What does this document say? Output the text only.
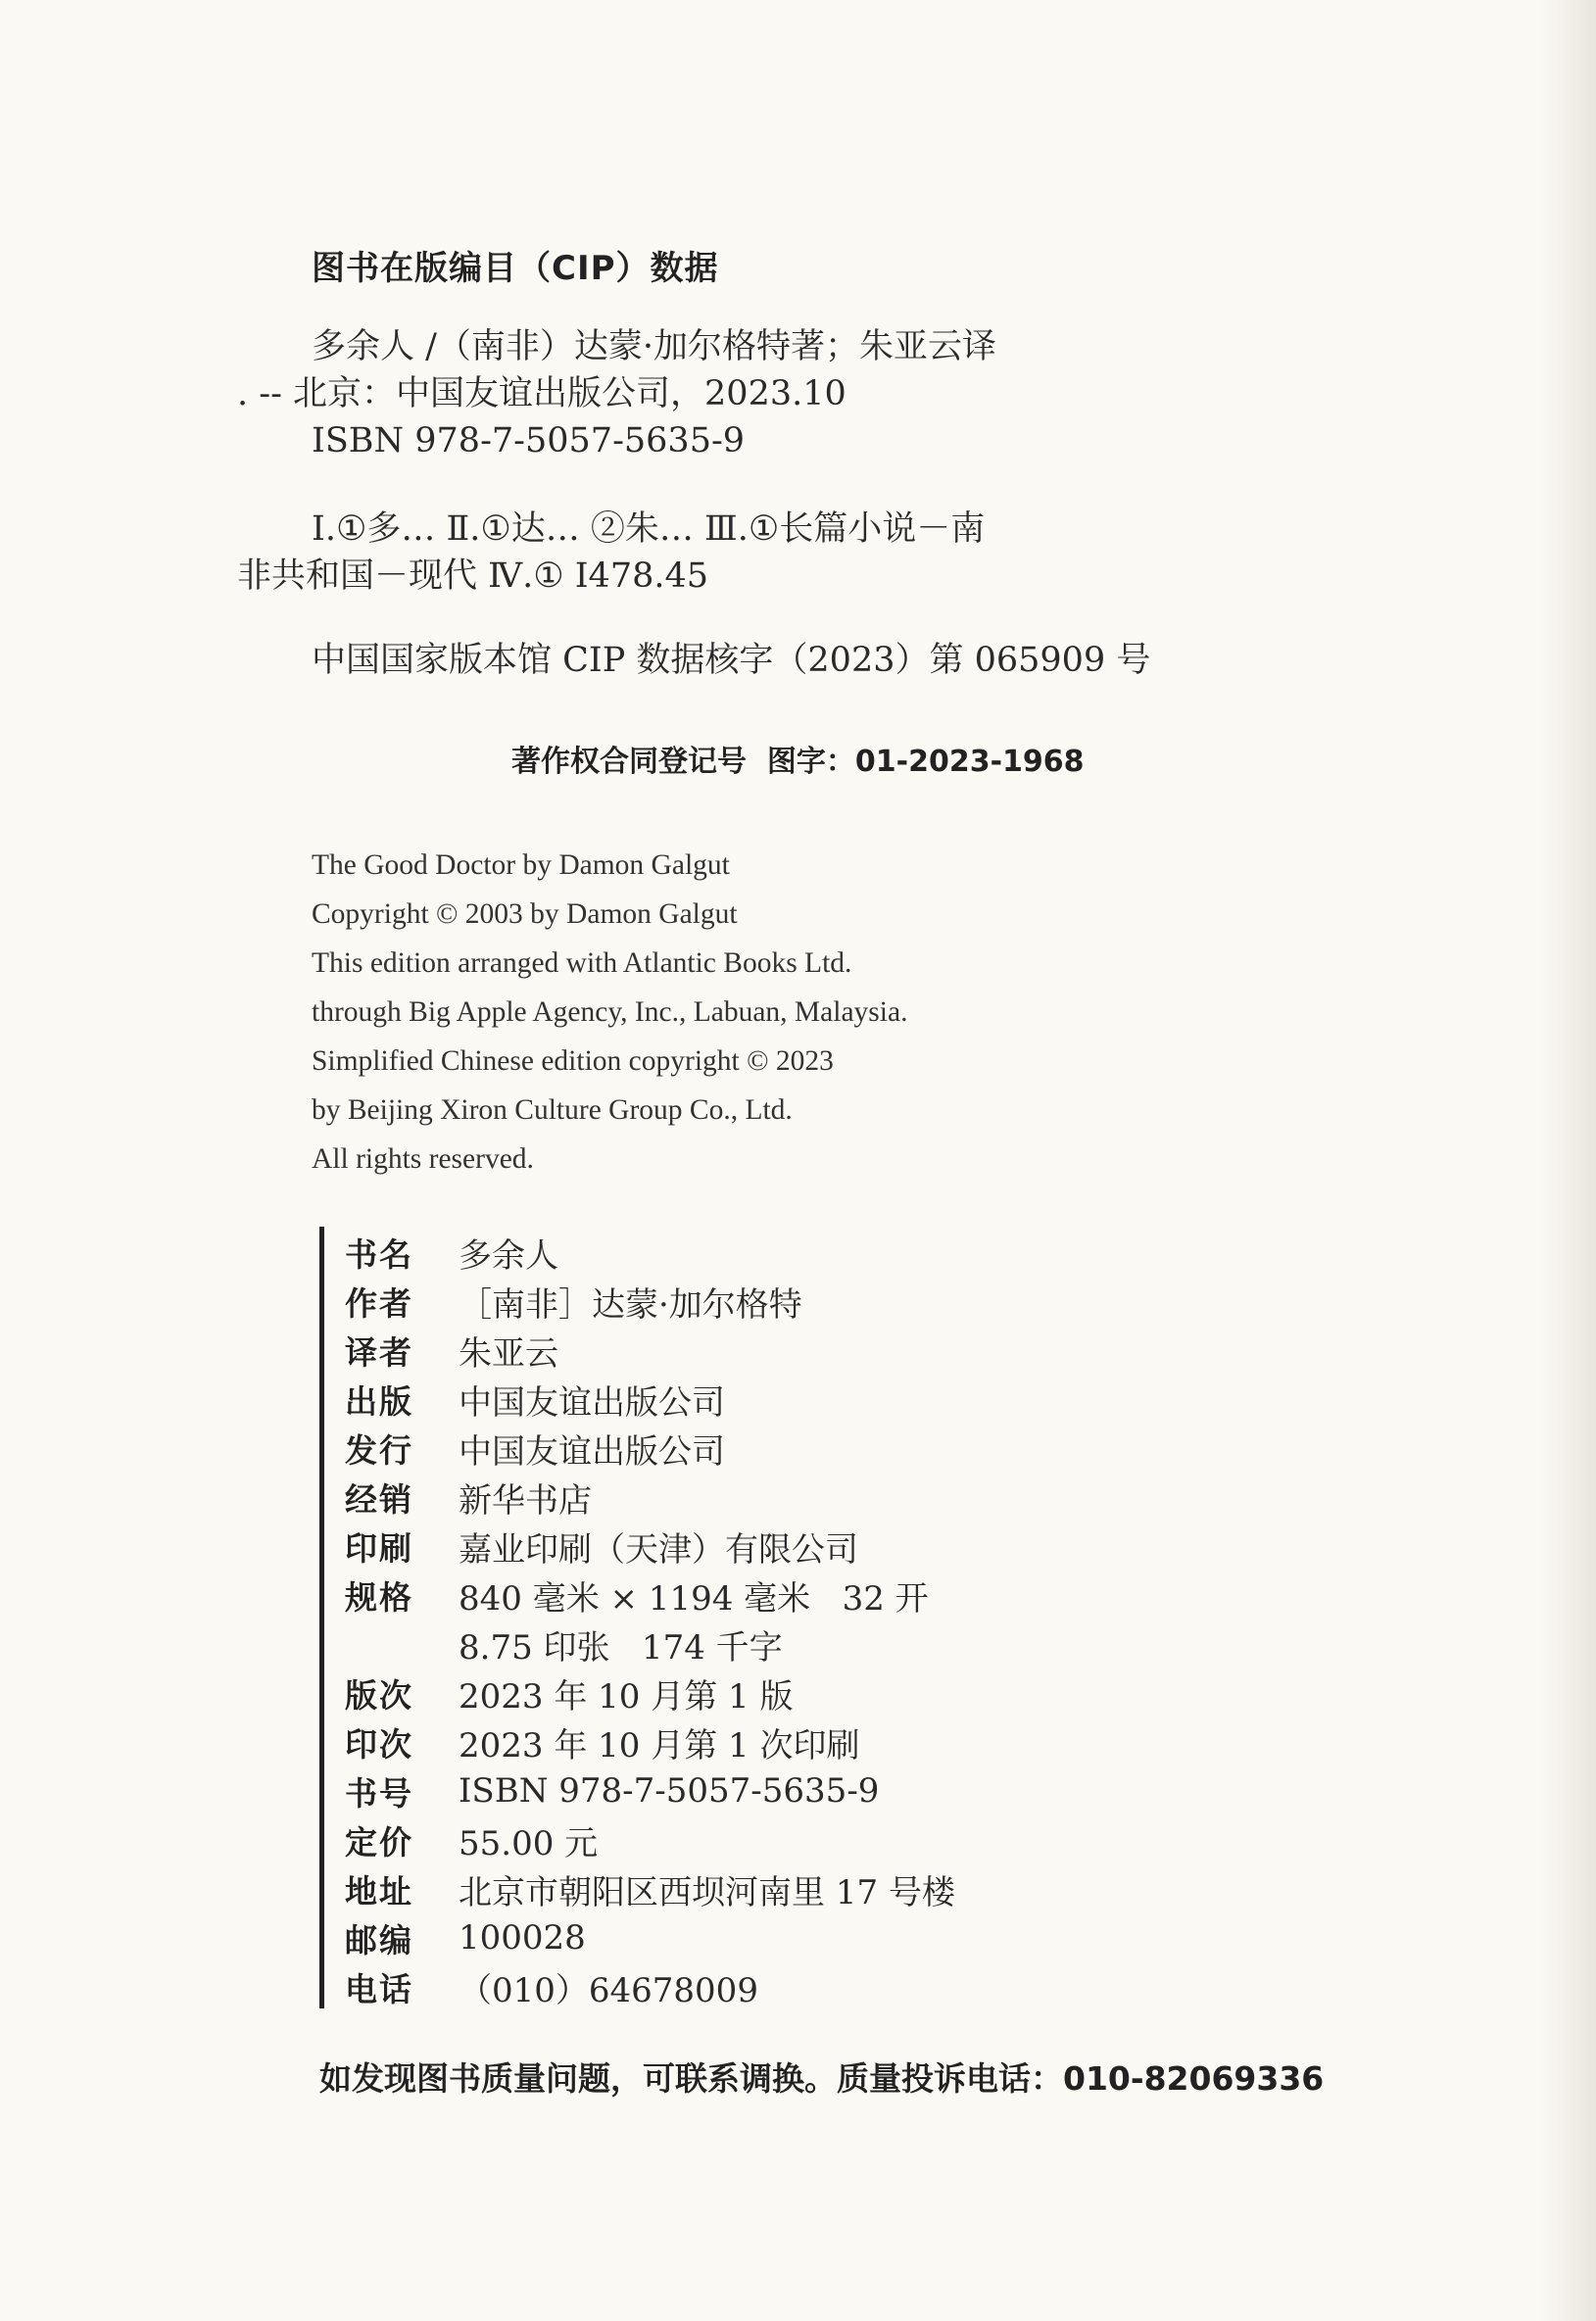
图书在版编目（CIP）数据
多余人 /（南非）达蒙·加尔格特著；朱亚云译
. -- 北京：中国友谊出版公司，2023.10
ISBN 978-7-5057-5635-9
Ⅰ.①多… Ⅱ.①达… ②朱… Ⅲ.①长篇小说－南
非共和国－现代 Ⅳ.① I478.45
中国国家版本馆 CIP 数据核字（2023）第 065909 号
著作权合同登记号  图字：01-2023-1968
The Good Doctor by Damon Galgut
Copyright © 2003 by Damon Galgut
This edition arranged with Atlantic Books Ltd.
through Big Apple Agency, Inc., Labuan, Malaysia.
Simplified Chinese edition copyright © 2023
by Beijing Xiron Culture Group Co., Ltd.
All rights reserved.
书名	多余人
作者	［南非］达蒙·加尔格特
译者	朱亚云
出版	中国友谊出版公司
发行	中国友谊出版公司
经销	新华书店
印刷	嘉业印刷（天津）有限公司
规格	840 毫米 × 1194 毫米   32 开
8.75 印张   174 千字
版次	2023 年 10 月第 1 版
印次	2023 年 10 月第 1 次印刷
书号	ISBN 978-7-5057-5635-9
定价	55.00 元
地址	北京市朝阳区西坝河南里 17 号楼
邮编	100028
电话	（010）64678009
如发现图书质量问题，可联系调换。质量投诉电话：010-82069336
